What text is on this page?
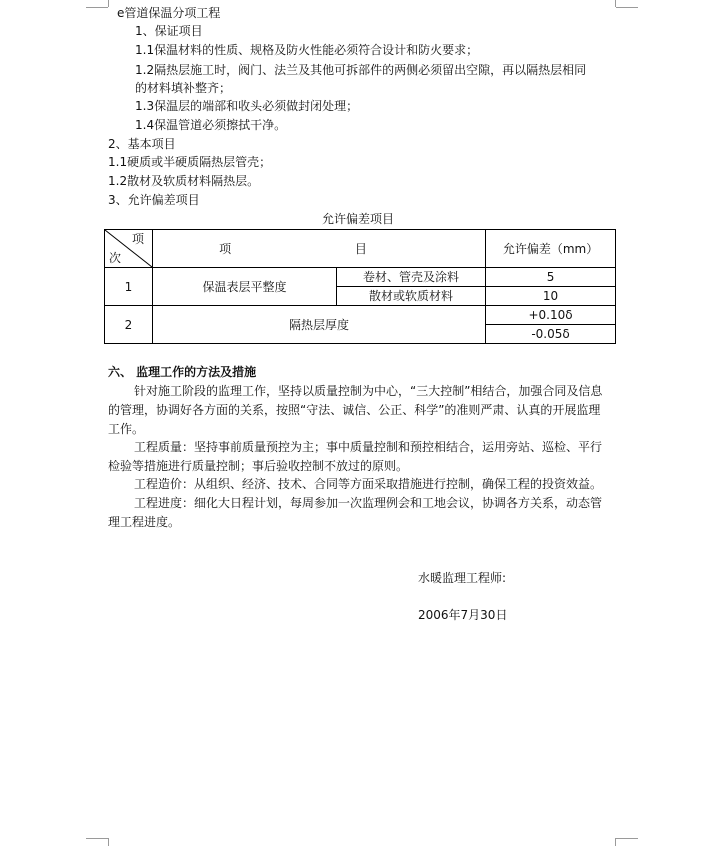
e管道保温分项工程
1、保证项目
1.1保温材料的性质、规格及防火性能必须符合设计和防火要求；
1.2隔热层施工时，阀门、法兰及其他可拆部件的两侧必须留出空隙，再以隔热层相同
的材料填补整齐；
1.3保温层的端部和收头必须做封闭处理；
1.4保温管道必须擦拭干净。
2、基本项目
1.1硬质或半硬质隔热层管壳；
1.2散材及软质材料隔热层。
3、允许偏差项目
允许偏差项目
项
次	项 目		允许偏差（mm）
1	保温表层平整度	卷材、管壳及涂料	5
		散材或软质材料	10
2	隔热层厚度		+0.10δ
			-0.05δ
六、 监理工作的方法及措施
针对施工阶段的监理工作，坚持以质量控制为中心，“三大控制”相结合，加强合同及信息的管理，协调好各方面的关系，按照“守法、诚信、公正、科学”的准则严肃、认真的开展监理工作。
工程质量：坚持事前质量预控为主；事中质量控制和预控相结合，运用旁站、巡检、平行检验等措施进行质量控制；事后验收控制不放过的原则。
工程造价：从组织、经济、技术、合同等方面采取措施进行控制，确保工程的投资效益。
工程进度：细化大日程计划，每周参加一次监理例会和工地会议，协调各方关系，动态管理工程进度。
水暖监理工程师:
2006年7月30日
